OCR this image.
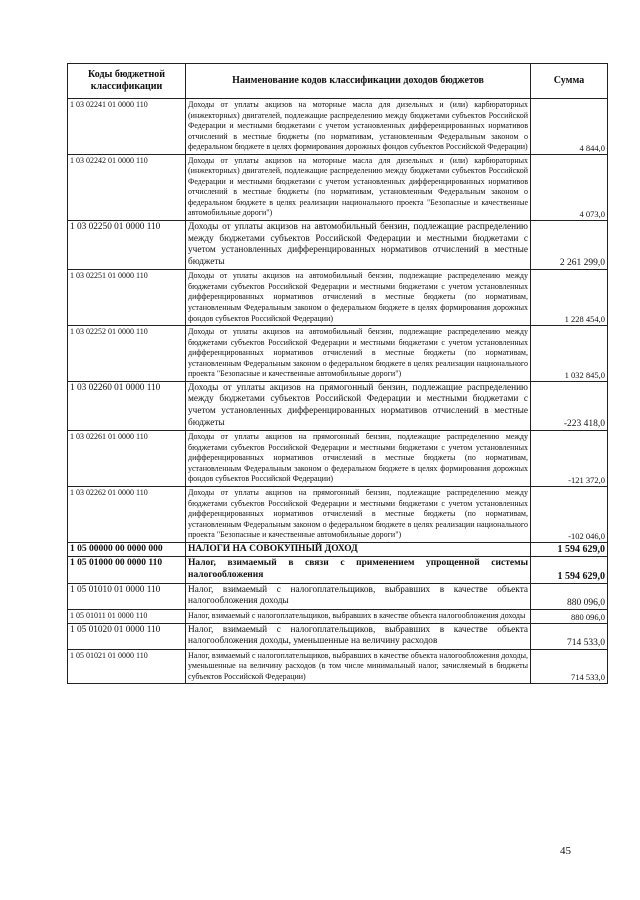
Коды бюджетной классификации	Наименование кодов классификации доходов бюджетов	Сумма
1 03 02241 01 0000 110	Доходы от уплаты акцизов на моторные масла для дизельных и (или) карбюраторных (инжекторных) двигателей, подлежащие распределению между бюджетами субъектов Российской Федерации и местными бюджетами с учетом установленных дифференцированных нормативов отчислений в местные бюджеты (по нормативам, установленным Федеральным законом о федеральном бюджете в целях формирования дорожных фондов субъектов Российской Федерации)	4 844,0
1 03 02242 01 0000 110	Доходы от уплаты акцизов на моторные масла для дизельных и (или) карбюраторных (инжекторных) двигателей, подлежащие распределению между бюджетами субъектов Российской Федерации и местными бюджетами с учетом установленных дифференцированных нормативов отчислений в местные бюджеты (по нормативам, установленным Федеральным законом о федеральном бюджете в целях реализации национального проекта "Безопасные и качественные автомобильные дороги")	4 073,0
1 03 02250 01 0000 110	Доходы от уплаты акцизов на автомобильный бензин, подлежащие распределению между бюджетами субъектов Российской Федерации и местными бюджетами с учетом установленных дифференцированных нормативов отчислений в местные бюджеты	2 261 299,0
1 03 02251 01 0000 110	Доходы от уплаты акцизов на автомобильный бензин, подлежащие распределению между бюджетами субъектов Российской Федерации и местными бюджетами с учетом установленных дифференцированных нормативов отчислений в местные бюджеты (по нормативам, установленным Федеральным законом о федеральном бюджете в целях формирования дорожных фондов субъектов Российской Федерации)	1 228 454,0
1 03 02252 01 0000 110	Доходы от уплаты акцизов на автомобильный бензин, подлежащие распределению между бюджетами субъектов Российской Федерации и местными бюджетами с учетом установленных дифференцированных нормативов отчислений в местные бюджеты (по нормативам, установленным Федеральным законом о федеральном бюджете в целях реализации национального проекта "Безопасные и качественные автомобильные дороги")	1 032 845,0
1 03 02260 01 0000 110	Доходы от уплаты акцизов на прямогонный бензин, подлежащие распределению между бюджетами субъектов Российской Федерации и местными бюджетами с учетом установленных дифференцированных нормативов отчислений в местные бюджеты	-223 418,0
1 03 02261 01 0000 110	Доходы от уплаты акцизов на прямогонный бензин, подлежащие распределению между бюджетами субъектов Российской Федерации и местными бюджетами с учетом установленных дифференцированных нормативов отчислений в местные бюджеты (по нормативам, установленным Федеральным законом о федеральном бюджете в целях формирования дорожных фондов субъектов Российской Федерации)	-121 372,0
1 03 02262 01 0000 110	Доходы от уплаты акцизов на прямогонный бензин, подлежащие распределению между бюджетами субъектов Российской Федерации и местными бюджетами с учетом установленных дифференцированных нормативов отчислений в местные бюджеты (по нормативам, установленным Федеральным законом о федеральном бюджете в целях реализации национального проекта "Безопасные и качественные автомобильные дороги")	-102 046,0
1 05 00000 00 0000 000	НАЛОГИ НА СОВОКУПНЫЙ ДОХОД	1 594 629,0
1 05 01000 00 0000 110	Налог, взимаемый в связи с применением упрощенной системы налогообложения	1 594 629,0
1 05 01010 01 0000 110	Налог, взимаемый с налогоплательщиков, выбравших в качестве объекта налогообложения доходы	880 096,0
1 05 01011 01 0000 110	Налог, взимаемый с налогоплательщиков, выбравших в качестве объекта налогообложения доходы	880 096,0
1 05 01020 01 0000 110	Налог, взимаемый с налогоплательщиков, выбравших в качестве объекта налогообложения доходы, уменьшенные на величину расходов	714 533,0
1 05 01021 01 0000 110	Налог, взимаемый с налогоплательщиков, выбравших в качестве объекта налогообложения доходы, уменьшенные на величину расходов (в том числе минимальный налог, зачисляемый в бюджеты субъектов Российской Федерации)	714 533,0
45
